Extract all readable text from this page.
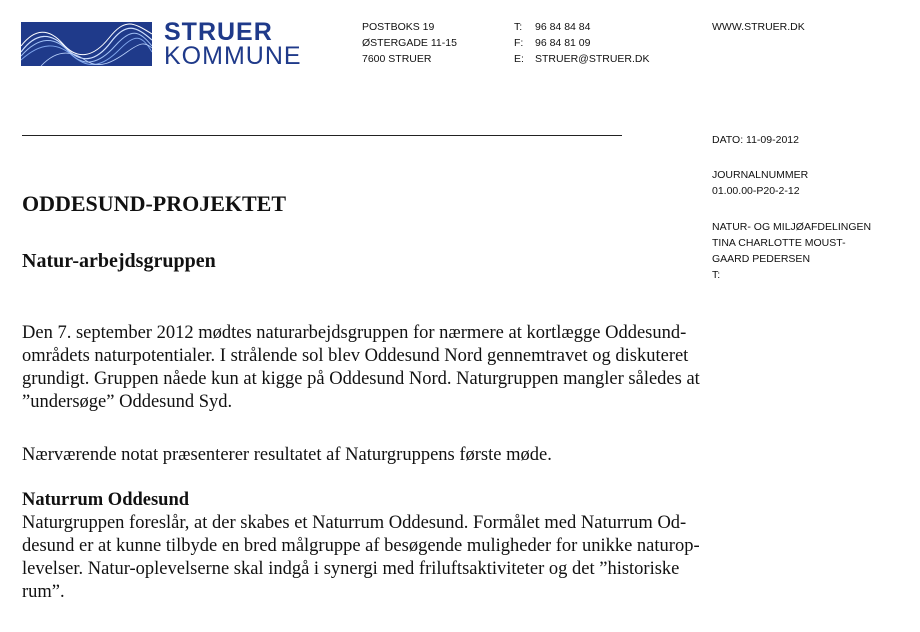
STRUER
KOMMUNE
POSTBOKS 19
ØSTERGADE 11-15
7600 STRUER
T: 96 84 84 84
F: 96 84 81 09
E: STRUER@STRUER.DK
WWW.STRUER.DK
DATO: 11-09-2012
JOURNALNUMMER
01.00.00-P20-2-12
NATUR- OG MILJØAFDELINGEN
TINA CHARLOTTE MOUST-
GAARD PEDERSEN
T:
ODDESUND-PROJEKTET
Natur-arbejdsgruppen
Den 7. september 2012 mødtes naturarbejdsgruppen for nærmere at kortlægge Oddesund-
områdets naturpotentialer. I strålende sol blev Oddesund Nord gennemtravet og diskuteret
grundigt. Gruppen nåede kun at kigge på Oddesund Nord. Naturgruppen mangler således at
”undersøge” Oddesund Syd.
Nærværende notat præsenterer resultatet af Naturgruppens første møde.
Naturrum Oddesund
Naturgruppen foreslår, at der skabes et Naturrum Oddesund. Formålet med Naturrum Od-
desund er at kunne tilbyde en bred målgruppe af besøgende muligheder for unikke naturop-
levelser. Natur-oplevelserne skal indgå i synergi med friluftsaktiviteter og det ”historiske
rum”.
